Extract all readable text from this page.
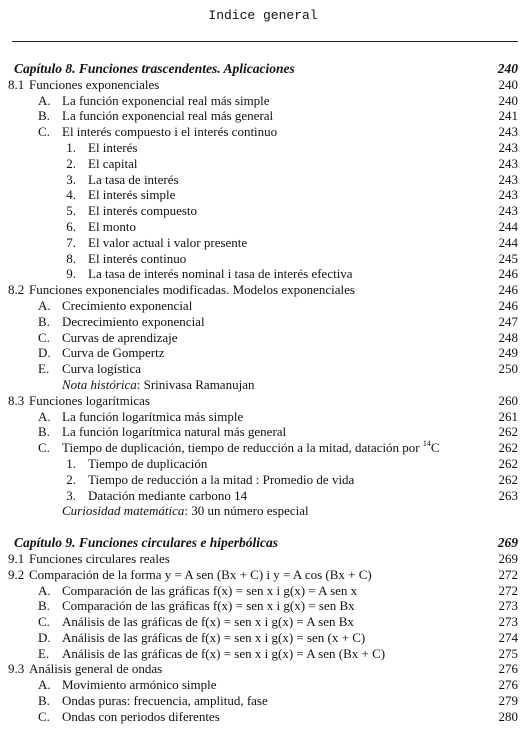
Indice general
Capítulo 8. Funciones trascendentes. Aplicaciones	240
8.1 Funciones exponenciales	240
A. La función exponencial real más simple	240
B. La función exponencial real más general	241
C. El interés compuesto i el interés continuo	243
1. El interés	243
2. El capital	243
3. La tasa de interés	243
4. El interés simple	243
5. El interés compuesto	243
6. El monto	244
7. El valor actual i valor presente	244
8. El interés continuo	245
9. La tasa de interés nominal i tasa de interés efectiva	246
8.2 Funciones exponenciales modificadas. Modelos exponenciales	246
A. Crecimiento exponencial	246
B. Decrecimiento exponencial	247
C. Curvas de aprendizaje	248
D. Curva de Gompertz	249
E. Curva logística	250
Nota histórica: Srinivasa Ramanujan
8.3 Funciones logarítmicas	260
A. La función logarítmica más simple	261
B. La función logarítmica natural más general	262
C. Tiempo de duplicación, tiempo de reducción a la mitad, datación por $^{14}$C	262
1. Tiempo de duplicación	262
2. Tiempo de reducción a la mitad : Promedio de vida	262
3. Datación mediante carbono 14	263
Curiosidad matemática: 30 un número especial
Capítulo 9. Funciones circulares e hiperbólicas	269
9.1 Funciones circulares reales	269
9.2 Comparación de la forma y = A sen (Bx + C) i y = A cos (Bx + C)	272
A. Comparación de las gráficas f(x) = sen x i g(x) = A sen x	272
B. Comparación de las gráficas f(x) = sen x i g(x) = sen Bx	273
C. Análisis de las gráficas de f(x) = sen x i g(x) = A sen Bx	273
D. Análisis de las gráficas de f(x) = sen x i g(x) = sen (x + C)	274
E. Análisis de las gráficas de f(x) = sen x i g(x) = A sen (Bx + C)	275
9.3 Análisis general de ondas	276
A. Movimiento armónico simple	276
B. Ondas puras: frecuencia, amplitud, fase	279
C. Ondas con periodos diferentes	280
